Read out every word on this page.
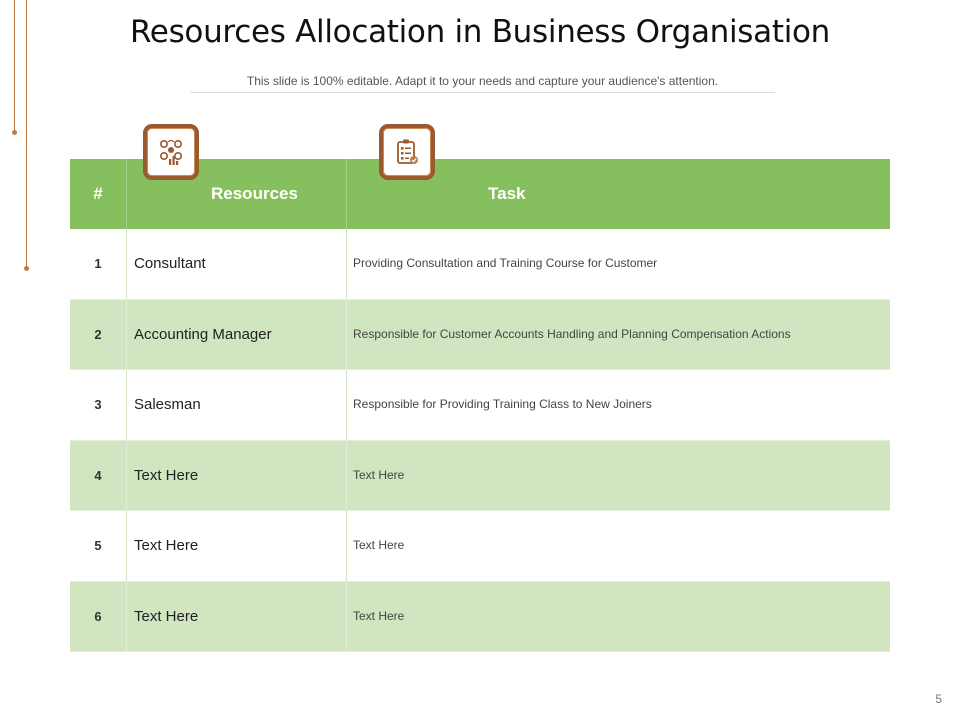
Resources Allocation in Business Organisation
This slide is 100% editable. Adapt it to your needs and capture your audience's attention.
#	Resources	Task
1	Consultant	Providing Consultation and Training Course for Customer
2	Accounting Manager	Responsible for Customer Accounts Handling and Planning Compensation Actions
3	Salesman	Responsible for Providing Training Class to New Joiners
4	Text Here	Text Here
5	Text Here	Text Here
6	Text Here	Text Here
5
